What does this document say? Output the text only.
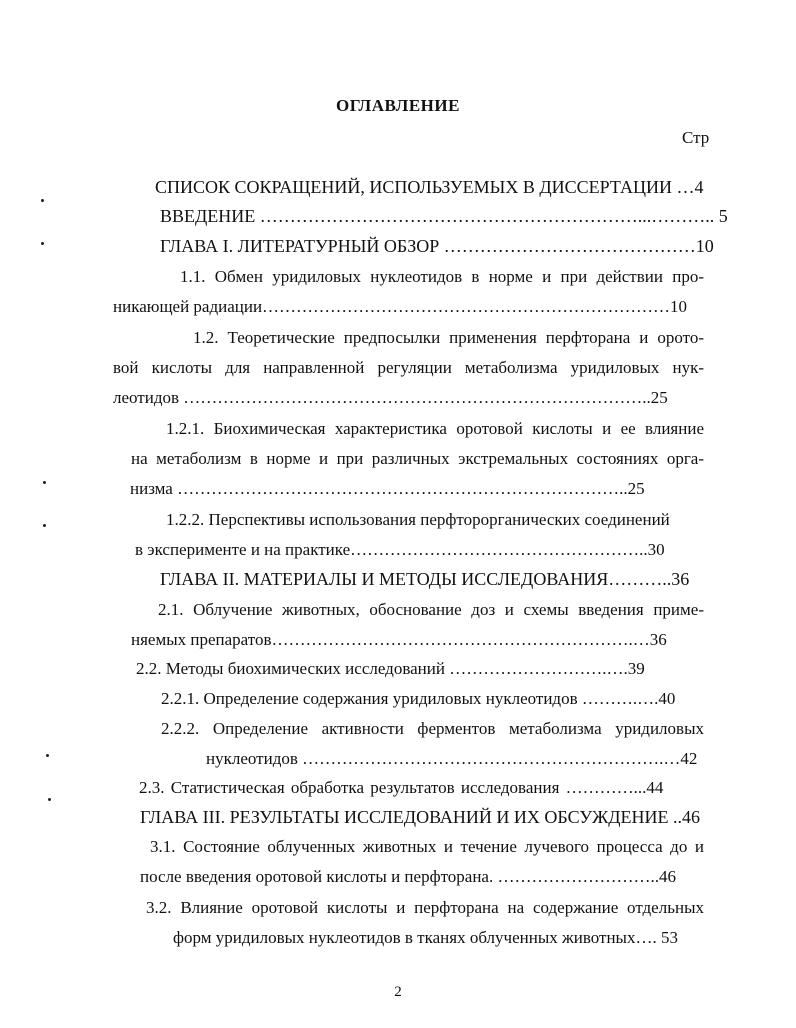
ОГЛАВЛЕНИЕ
Стр
СПИСОК СОКРАЩЕНИЙ, ИСПОЛЬЗУЕМЫХ В ДИССЕРТАЦИИ …4
ВВЕДЕНИЕ ………………………………………………………...……….. 5
ГЛАВА I. ЛИТЕРАТУРНЫЙ ОБЗОР ……………………………………10
1.1. Обмен уридиловых нуклеотидов в норме и при действии про-
никающей радиации………………………………………………………………10
1.2. Теоретические предпосылки применения перфторана и орото-
вой кислоты для направленной регуляции метаболизма уридиловых нук-
леотидов ………………………………………………………………………..25
1.2.1. Биохимическая характеристика оротовой кислоты и ее влияние
на метаболизм в норме и при различных экстремальных состояниях орга-
низма ……………………………………………………………………..25
1.2.2. Перспективы использования перфторорганических соединений
в эксперименте и на практике……………………………………………..30
ГЛАВА II. МАТЕРИАЛЫ И МЕТОДЫ ИССЛЕДОВАНИЯ………..36
2.1. Облучение животных, обоснование доз и схемы введения приме-
няемых препаратов……………………………………………………….…36
2.2. Методы биохимических исследований ……………………….….39
2.2.1. Определение содержания уридиловых нуклеотидов ……….….40
2.2.2. Определение активности ферментов метаболизма уридиловых
нуклеотидов ……………………………………………………….…42
2.3. Статистическая обработка результатов исследования …………...44
ГЛАВА III. РЕЗУЛЬТАТЫ ИССЛЕДОВАНИЙ И ИХ ОБСУЖДЕНИЕ ..46
3.1. Состояние облученных животных и течение лучевого процесса до и
после введения оротовой кислоты и перфторана. ………………………..46
3.2. Влияние оротовой кислоты и перфторана на содержание отдельных
форм уридиловых нуклеотидов в тканях облученных животных…. 53
2
